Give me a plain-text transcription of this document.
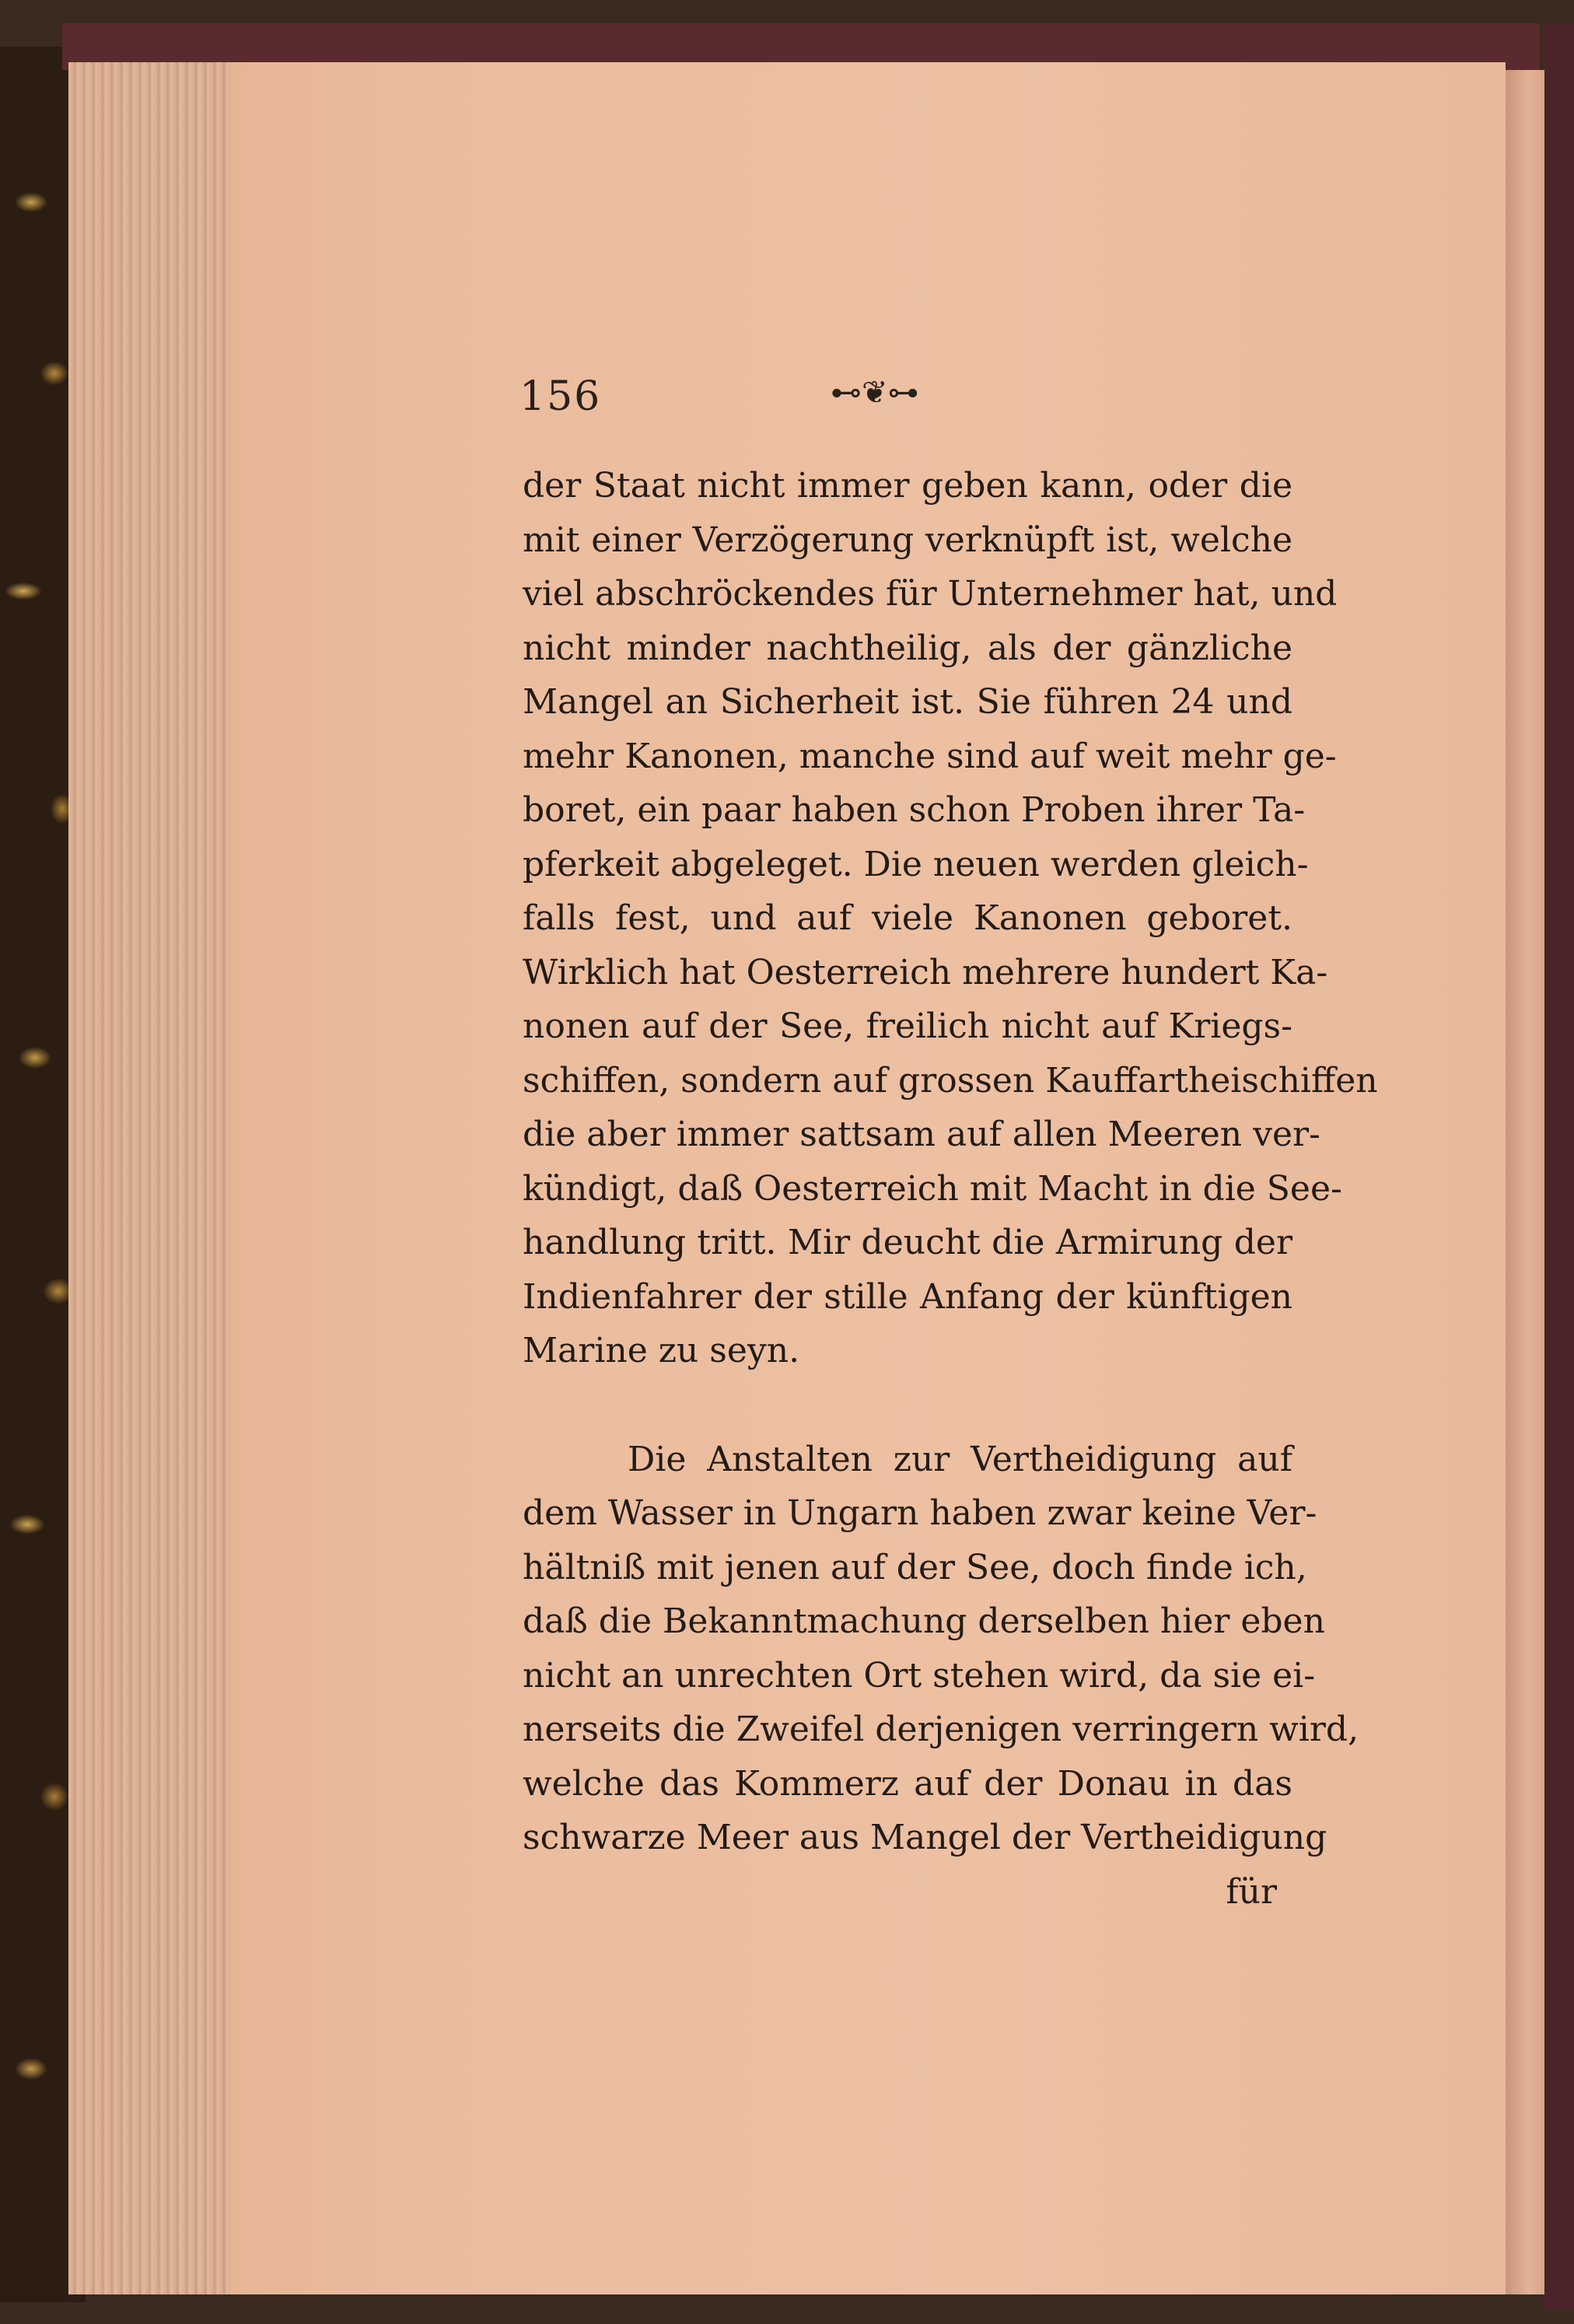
156	⊷❦⊶
der Staat nicht immer geben kann, oder die
mit einer Verzögerung verknüpft ist, welche
viel abschröckendes für Unternehmer hat, und
nicht minder nachtheilig, als der gänzliche
Mangel an Sicherheit ist. Sie führen 24 und
mehr Kanonen, manche sind auf weit mehr ge-
boret, ein paar haben schon Proben ihrer Ta-
pferkeit abgeleget. Die neuen werden gleich-
falls fest, und auf viele Kanonen geboret.
Wirklich hat Oesterreich mehrere hundert Ka-
nonen auf der See, freilich nicht auf Kriegs-
schiffen, sondern auf grossen Kauffartheischiffen
die aber immer sattsam auf allen Meeren ver-
kündigt, daß Oesterreich mit Macht in die See-
handlung tritt. Mir deucht die Armirung der
Indienfahrer der stille Anfang der künftigen
Marine zu seyn.
Die Anstalten zur Vertheidigung auf
dem Wasser in Ungarn haben zwar keine Ver-
hältniß mit jenen auf der See, doch finde ich,
daß die Bekanntmachung derselben hier eben
nicht an unrechten Ort stehen wird, da sie ei-
nerseits die Zweifel derjenigen verringern wird,
welche das Kommerz auf der Donau in das
schwarze Meer aus Mangel der Vertheidigung
für
